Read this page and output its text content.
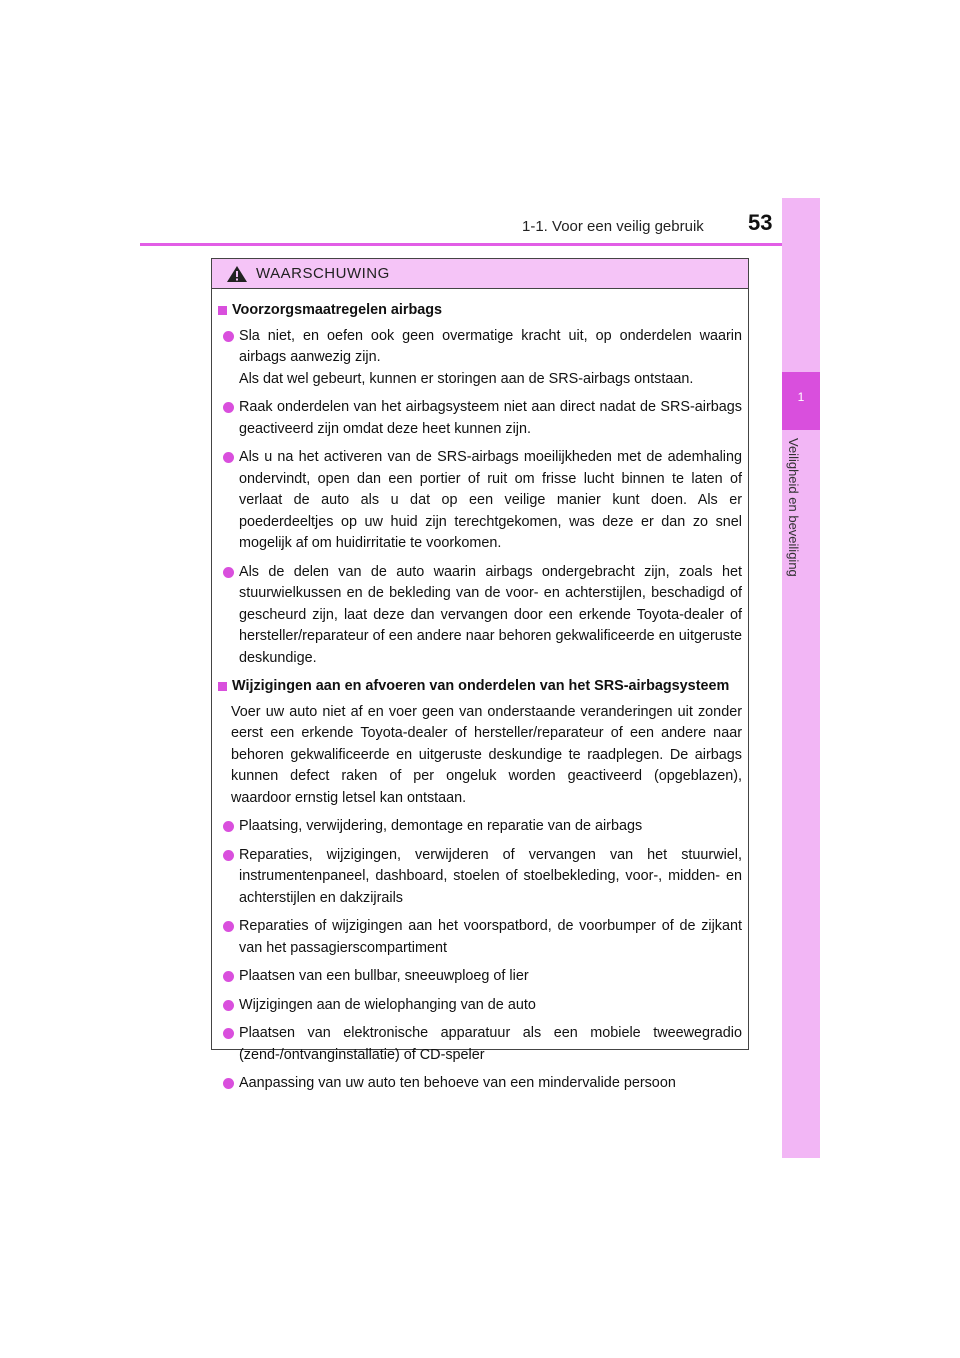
1-1. Voor een veilig gebruik 53
1
Veiligheid en beveiliging
WAARSCHUWING
Voorzorgsmaatregelen airbags
Sla niet, en oefen ook geen overmatige kracht uit, op onderdelen waarin airbags aanwezig zijn.
Als dat wel gebeurt, kunnen er storingen aan de SRS-airbags ontstaan.
Raak onderdelen van het airbagsysteem niet aan direct nadat de SRS-airbags geactiveerd zijn omdat deze heet kunnen zijn.
Als u na het activeren van de SRS-airbags moeilijkheden met de ademhaling ondervindt, open dan een portier of ruit om frisse lucht binnen te laten of verlaat de auto als u dat op een veilige manier kunt doen. Als er poederdeeltjes op uw huid zijn terechtgekomen, was deze er dan zo snel mogelijk af om huidirritatie te voorkomen.
Als de delen van de auto waarin airbags ondergebracht zijn, zoals het stuurwielkussen en de bekleding van de voor- en achterstijlen, beschadigd of gescheurd zijn, laat deze dan vervangen door een erkende Toyota-dealer of hersteller/reparateur of een andere naar behoren gekwalificeerde en uitgeruste deskundige.
Wijzigingen aan en afvoeren van onderdelen van het SRS-airbagsysteem
Voer uw auto niet af en voer geen van onderstaande veranderingen uit zonder eerst een erkende Toyota-dealer of hersteller/reparateur of een andere naar behoren gekwalificeerde en uitgeruste deskundige te raadplegen. De airbags kunnen defect raken of per ongeluk worden geactiveerd (opgeblazen), waardoor ernstig letsel kan ontstaan.
Plaatsing, verwijdering, demontage en reparatie van de airbags
Reparaties, wijzigingen, verwijderen of vervangen van het stuurwiel, instrumentenpaneel, dashboard, stoelen of stoelbekleding, voor-, midden- en achterstijlen en dakzijrails
Reparaties of wijzigingen aan het voorspatbord, de voorbumper of de zijkant van het passagierscompartiment
Plaatsen van een bullbar, sneeuwploeg of lier
Wijzigingen aan de wielophanging van de auto
Plaatsen van elektronische apparatuur als een mobiele tweewegradio (zend-/ontvanginstallatie) of CD-speler
Aanpassing van uw auto ten behoeve van een mindervalide persoon
